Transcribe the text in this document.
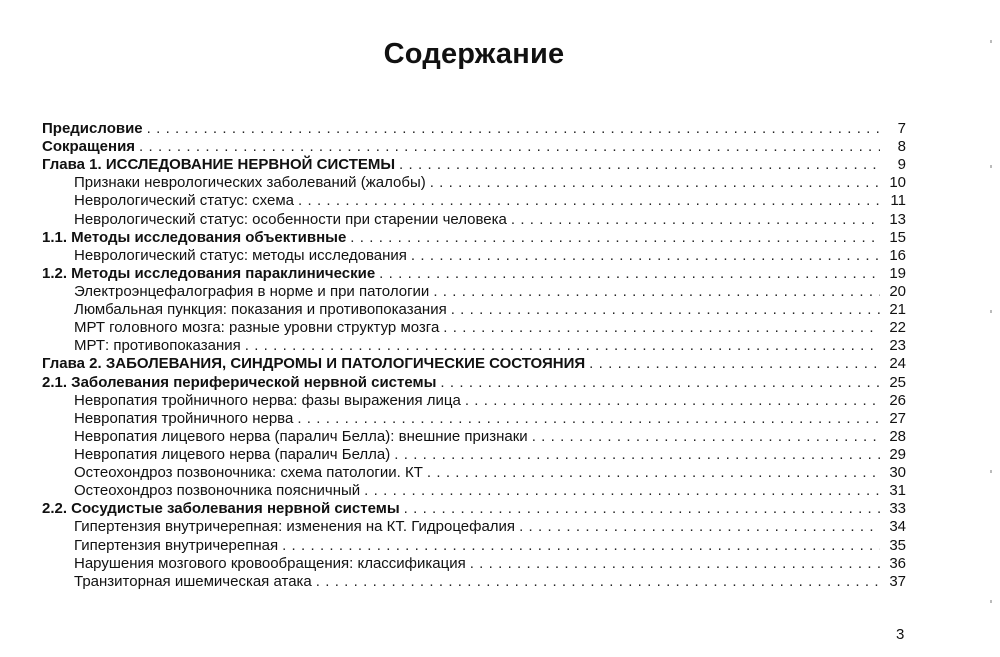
Содержание
Предисловие .....	7
Сокращения .....	8
Глава 1. ИССЛЕДОВАНИЕ НЕРВНОЙ СИСТЕМЫ .....	9
Признаки неврологических заболеваний (жалобы) .....	10
Неврологический статус: схема .....	11
Неврологический статус: особенности при старении человека .....	13
1.1. Методы исследования объективные .....	15
Неврологический статус: методы исследования .....	16
1.2. Методы исследования параклинические .....	19
Электроэнцефалография в норме и при патологии .....	20
Люмбальная пункция: показания и противопоказания .....	21
МРТ головного мозга: разные уровни структур мозга .....	22
МРТ: противопоказания .....	23
Глава 2. ЗАБОЛЕВАНИЯ, СИНДРОМЫ И ПАТОЛОГИЧЕСКИЕ СОСТОЯНИЯ .....	24
2.1. Заболевания периферической нервной системы .....	25
Невропатия тройничного нерва: фазы выражения лица .....	26
Невропатия тройничного нерва .....	27
Невропатия лицевого нерва (паралич Белла): внешние признаки .....	28
Невропатия лицевого нерва (паралич Белла) .....	29
Остеохондроз позвоночника: схема патологии. КТ .....	30
Остеохондроз позвоночника поясничный .....	31
2.2. Сосудистые заболевания нервной системы .....	33
Гипертензия внутричерепная: изменения на КТ. Гидроцефалия .....	34
Гипертензия внутричерепная .....	35
Нарушения мозгового кровообращения: классификация .....	36
Транзиторная ишемическая атака .....	37
3
